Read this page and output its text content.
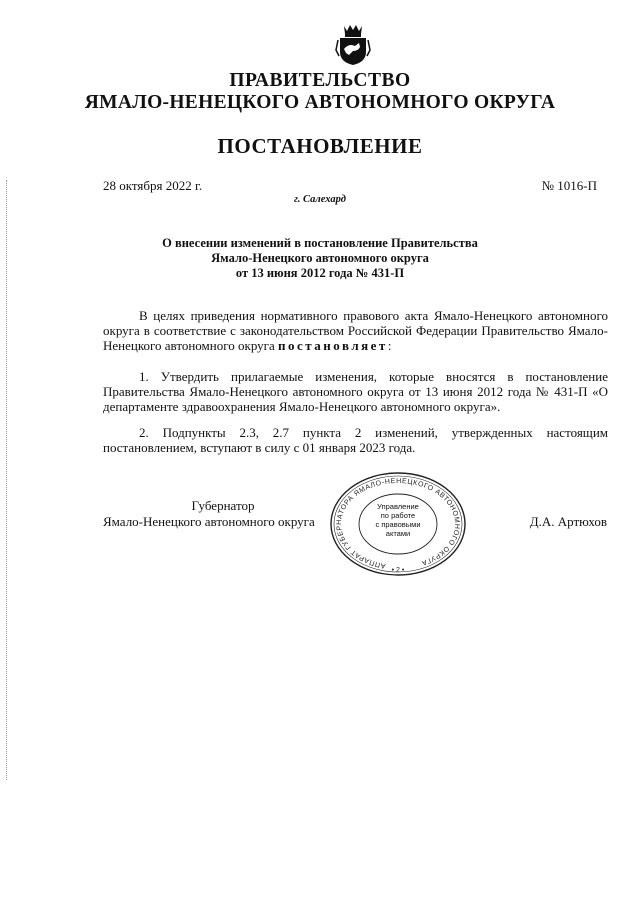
ПРАВИТЕЛЬСТВО
ЯМАЛО-НЕНЕЦКОГО АВТОНОМНОГО ОКРУГА
ПОСТАНОВЛЕНИЕ
28 октября 2022 г.	№ 1016-П
г. Салехард
О внесении изменений в постановление Правительства
Ямало-Ненецкого автономного округа
от 13 июня 2012 года № 431-П
В целях приведения нормативного правового акта Ямало-Ненецкого автономного округа в соответствие с законодательством Российской Федерации Правительство Ямало-Ненецкого автономного округа постановляет:
1. Утвердить прилагаемые изменения, которые вносятся в постановление Правительства Ямало-Ненецкого автономного округа от 13 июня 2012 года № 431-П «О департаменте здравоохранения Ямало-Ненецкого автономного округа».
2. Подпункты 2.3, 2.7 пункта 2 изменений, утвержденных настоящим постановлением, вступают в силу с 01 января 2023 года.
Губернатор
Ямало-Ненецкого автономного округа	Д.А. Артюхов
АППАРАТ ГУБЕРНАТОРА ЯМАЛО-НЕНЕЦКОГО АВТОНОМНОГО ОКРУГА
• 2 •
Управление
по работе
с правовыми
актами
